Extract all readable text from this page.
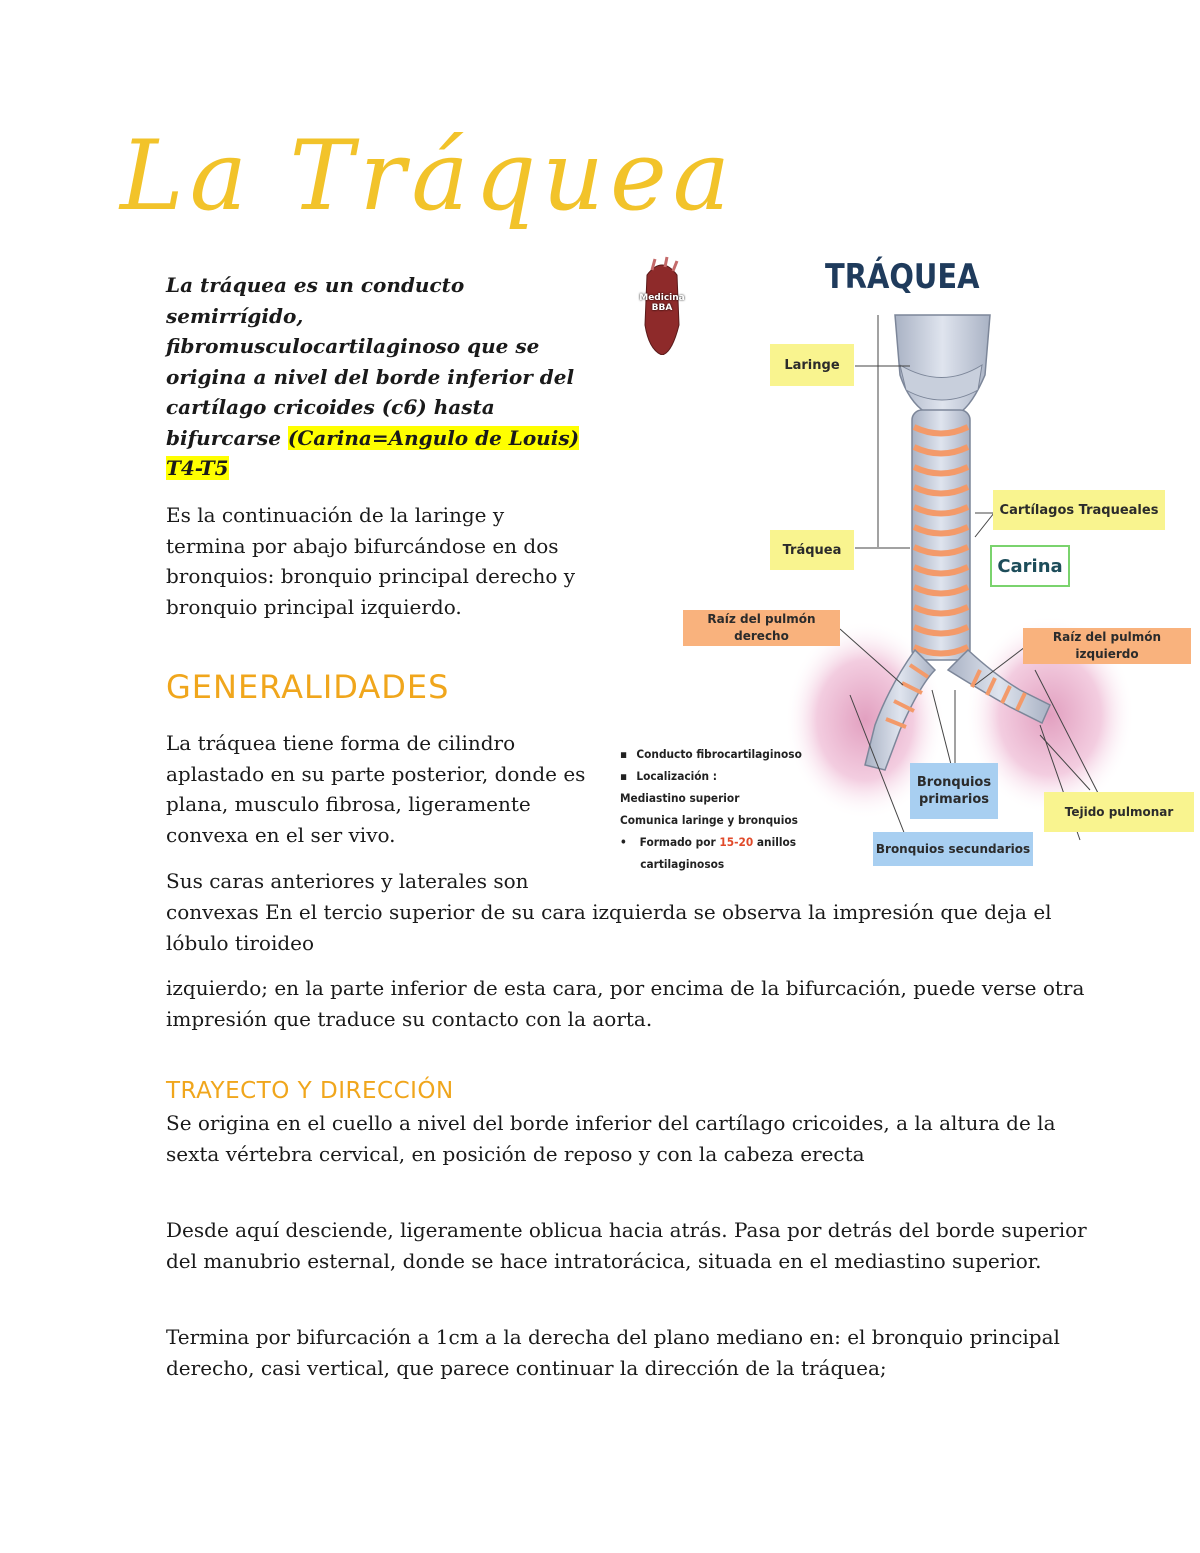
La Tráquea

La tráquea es un conducto semirrígido, fibromusculocartilaginoso que se origina a nivel del borde inferior del cartílago cricoides (c6) hasta bifurcarse (Carina=Angulo de Louis) T4-T5

Es la continuación de la laringe y termina por abajo bifurcándose en dos bronquios: bronquio principal derecho y bronquio principal izquierdo.

GENERALIDADES

La tráquea tiene forma de cilindro aplastado en su parte posterior, donde es plana, musculo fibrosa, ligeramente convexa en el ser vivo.

Sus caras anteriores y laterales son

convexas En el tercio superior de su cara izquierda se observa la impresión que deja el lóbulo tiroideo

izquierdo; en la parte inferior de esta cara, por encima de la bifurcación, puede verse otra impresión que traduce su contacto con la aorta.

TRAYECTO Y DIRECCIÓN

Se origina en el cuello a nivel del borde inferior del cartílago cricoides, a la altura de la sexta vértebra cervical, en posición de reposo y con la cabeza erecta

Desde aquí desciende, ligeramente oblicua hacia atrás. Pasa por detrás del borde superior del manubrio esternal, donde se hace intratorácica, situada en el mediastino superior.

Termina por bifurcación a 1cm a la derecha del plano mediano en: el bronquio principal derecho, casi vertical, que parece continuar la dirección de la tráquea;

TRÁQUEA
Medicina BBA
Laringe
Tráquea
Cartílagos Traqueales
Carina
Raíz del pulmón derecho	Raíz del pulmón izquierdo
Bronquios primarios
Tejido pulmonar
Bronquios secundarios
▪ Conducto fibrocartilaginoso
▪ Localización :
Mediastino superior
Comunica laringe y bronquios
• Formado por 15-20 anillos
cartilaginosos
